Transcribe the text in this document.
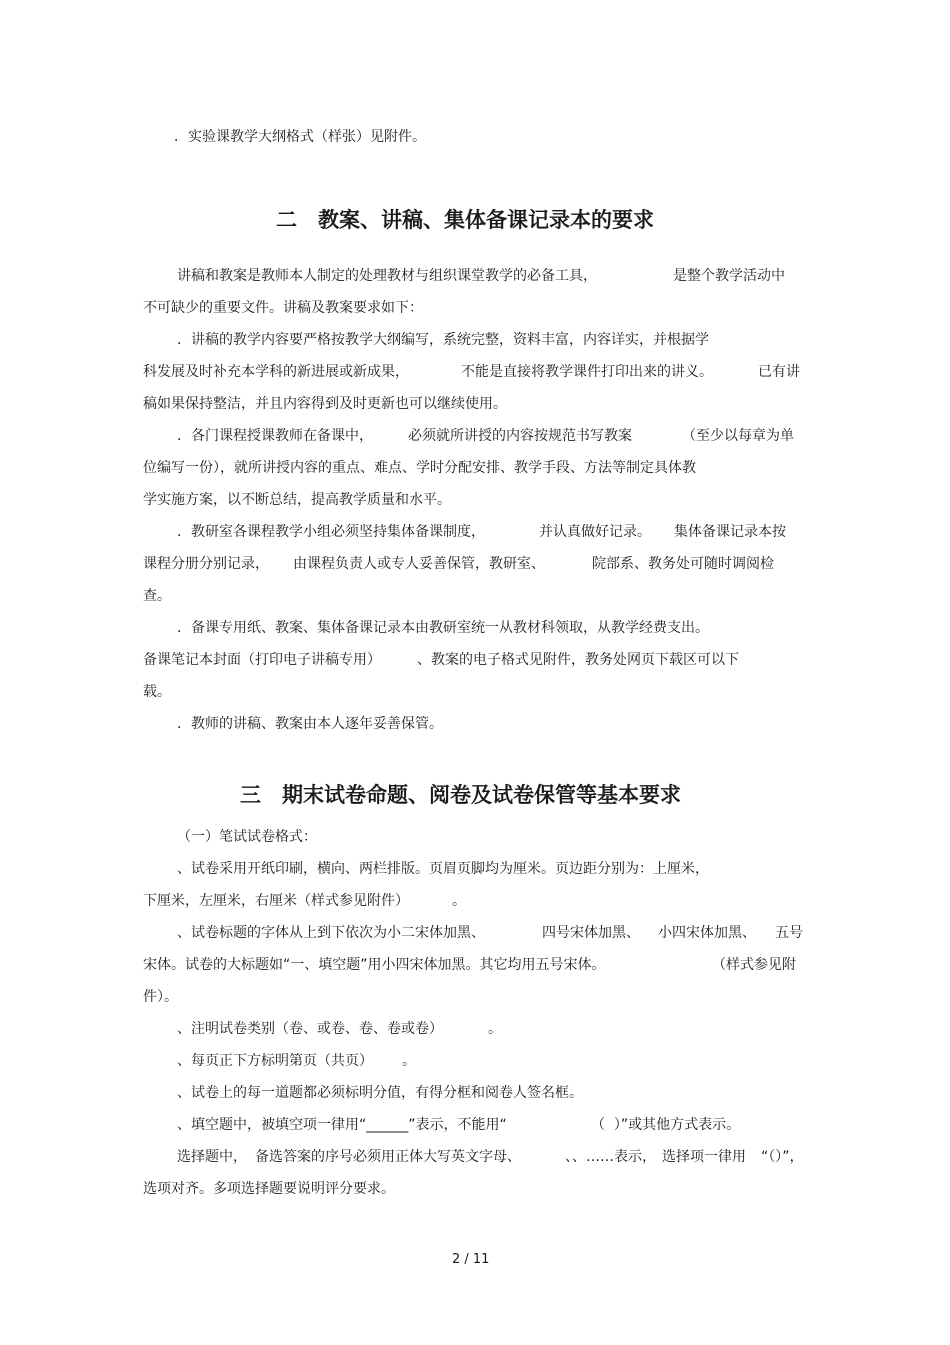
．实验课教学大纲格式（样张）见附件。

二　教案、讲稿、集体备课记录本的要求

讲稿和教案是教师本人制定的处理教材与组织课堂教学的必备工具，	是整个教学活动中

不可缺少的重要文件。讲稿及教案要求如下：

．讲稿的教学内容要严格按教学大纲编写，系统完整，资料丰富，内容详实，并根据学

科发展及时补充本学科的新进展或新成果，	不能是直接将教学课件打印出来的讲义。	已有讲

稿如果保持整洁，并且内容得到及时更新也可以继续使用。

．各门课程授课教师在备课中，	必须就所讲授的内容按规范书写教案	（至少以每章为单

位编写一份），就所讲授内容的重点、难点、学时分配安排、教学手段、方法等制定具体教

学实施方案，以不断总结，提高教学质量和水平。

．教研室各课程教学小组必须坚持集体备课制度，	并认真做好记录。 集体备课记录本按

课程分册分别记录， 由课程负责人或专人妥善保管，教研室、	院部系、教务处可随时调阅检

查。

．备课专用纸、教案、集体备课记录本由教研室统一从教材科领取，从教学经费支出。

备课笔记本封面（打印电子讲稿专用）	、教案的电子格式见附件，教务处网页下载区可以下

载。

．教师的讲稿、教案由本人逐年妥善保管。

三　期末试卷命题、阅卷及试卷保管等基本要求

（一）笔试试卷格式：

、试卷采用开纸印刷，横向、两栏排版。页眉页脚均为厘米。页边距分别为：上厘米，

下厘米，左厘米，右厘米（样式参见附件）	。

、试卷标题的字体从上到下依次为小二宋体加黑、	四号宋体加黑、 小四宋体加黑、 五号

宋体。试卷的大标题如“一、填空题”用小四宋体加黑。其它均用五号宋体。	（样式参见附

件）。

、注明试卷类别（卷、或卷、卷、卷或卷）	。

、每页正下方标明第页（共页） 。

、试卷上的每一道题都必须标明分值，有得分框和阅卷人签名框。

、填空题中，被填空项一律用“______”表示，不能用“	（  ）”或其他方式表示。

选择题中， 备选答案的序号必须用正体大写英文字母、	、、……表示， 选择项一律用 “（）”，

选项对齐。多项选择题要说明评分要求。

2 / 11
